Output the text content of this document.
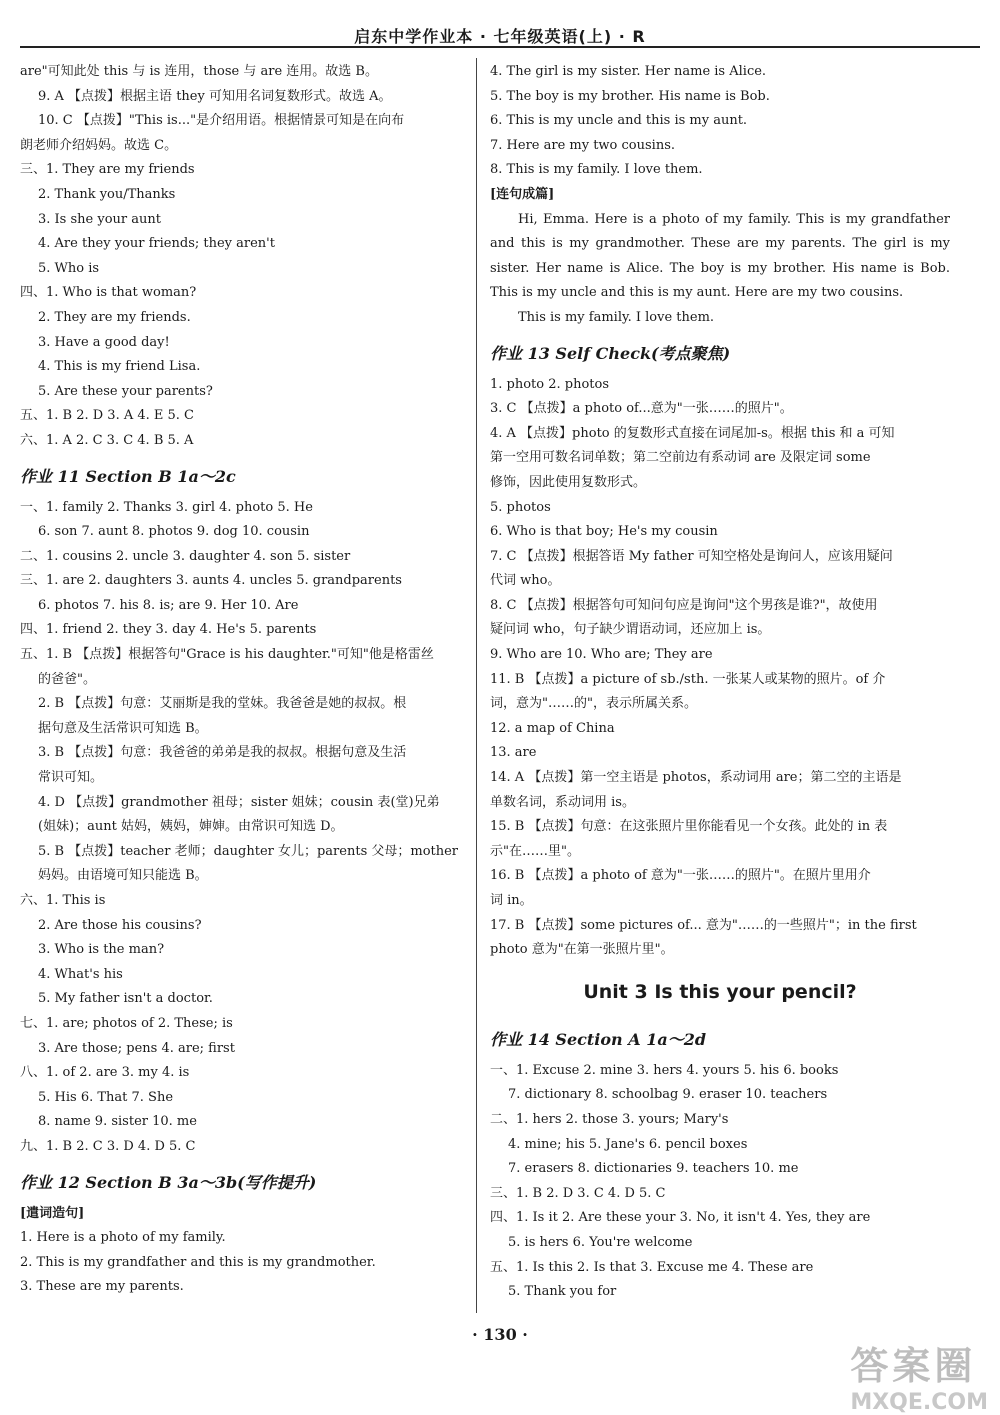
启东中学作业本 · 七年级英语(上) · R
are"可知此处 this 与 is 连用，those 与 are 连用。故选 B。
9. A 【点拨】根据主语 they 可知用名词复数形式。故选 A。
10. C 【点拨】"This is..."是介绍用语。根据情景可知是在向布
朗老师介绍妈妈。故选 C。
三、1. They are my friends
2. Thank you/Thanks
3. Is she your aunt
4. Are they your friends; they aren't
5. Who is
四、1. Who is that woman?
2. They are my friends.
3. Have a good day!
4. This is my friend Lisa.
5. Are these your parents?
五、1. B 2. D 3. A 4. E 5. C
六、1. A 2. C 3. C 4. B 5. A
作业 11 Section B 1a～2c
一、1. family 2. Thanks 3. girl 4. photo 5. He
6. son 7. aunt 8. photos 9. dog 10. cousin
二、1. cousins 2. uncle 3. daughter 4. son 5. sister
三、1. are 2. daughters 3. aunts 4. uncles 5. grandparents
6. photos 7. his 8. is; are 9. Her 10. Are
四、1. friend 2. they 3. day 4. He's 5. parents
五、1. B 【点拨】根据答句"Grace is his daughter."可知"他是格雷丝
的爸爸"。
2. B 【点拨】句意：艾丽斯是我的堂妹。我爸爸是她的叔叔。根
据句意及生活常识可知选 B。
3. B 【点拨】句意：我爸爸的弟弟是我的叔叔。根据句意及生活
常识可知。
4. D 【点拨】grandmother 祖母；sister 姐妹；cousin 表(堂)兄弟
(姐妹)；aunt 姑妈，姨妈，婶婶。由常识可知选 D。
5. B 【点拨】teacher 老师；daughter 女儿；parents 父母；mother
妈妈。由语境可知只能选 B。
六、1. This is
2. Are those his cousins?
3. Who is the man?
4. What's his
5. My father isn't a doctor.
七、1. are; photos of 2. These; is
3. Are those; pens 4. are; first
八、1. of 2. are 3. my 4. is
5. His 6. That 7. She
8. name 9. sister 10. me
九、1. B 2. C 3. D 4. D 5. C
作业 12 Section B 3a～3b(写作提升)
[遣词造句]
1. Here is a photo of my family.
2. This is my grandfather and this is my grandmother.
3. These are my parents.
4. The girl is my sister. Her name is Alice.
5. The boy is my brother. His name is Bob.
6. This is my uncle and this is my aunt.
7. Here are my two cousins.
8. This is my family. I love them.
[连句成篇]
Hi, Emma. Here is a photo of my family. This is my grandfather and this is my grandmother. These are my parents. The girl is my sister. Her name is Alice. The boy is my brother. His name is Bob. This is my uncle and this is my aunt. Here are my two cousins.
This is my family. I love them.
作业 13 Self Check(考点聚焦)
1. photo 2. photos
3. C 【点拨】a photo of...意为"一张……的照片"。
4. A 【点拨】photo 的复数形式直接在词尾加-s。根据 this 和 a 可知
第一空用可数名词单数；第二空前边有系动词 are 及限定词 some
修饰，因此使用复数形式。
5. photos
6. Who is that boy; He's my cousin
7. C 【点拨】根据答语 My father 可知空格处是询问人，应该用疑问
代词 who。
8. C 【点拨】根据答句可知问句应是询问"这个男孩是谁?"，故使用
疑问词 who，句子缺少谓语动词，还应加上 is。
9. Who are 10. Who are; They are
11. B 【点拨】a picture of sb./sth. 一张某人或某物的照片。of 介
词，意为"……的"，表示所属关系。
12. a map of China
13. are
14. A 【点拨】第一空主语是 photos，系动词用 are；第二空的主语是
单数名词，系动词用 is。
15. B 【点拨】句意：在这张照片里你能看见一个女孩。此处的 in 表
示"在……里"。
16. B 【点拨】a photo of 意为"一张……的照片"。在照片里用介
词 in。
17. B 【点拨】some pictures of... 意为"……的一些照片"；in the first
photo 意为"在第一张照片里"。
Unit 3 Is this your pencil?
作业 14 Section A 1a～2d
一、1. Excuse 2. mine 3. hers 4. yours 5. his 6. books
7. dictionary 8. schoolbag 9. eraser 10. teachers
二、1. hers 2. those 3. yours; Mary's
4. mine; his 5. Jane's 6. pencil boxes
7. erasers 8. dictionaries 9. teachers 10. me
三、1. B 2. D 3. C 4. D 5. C
四、1. Is it 2. Are these your 3. No, it isn't 4. Yes, they are
5. is hers 6. You're welcome
五、1. Is this 2. Is that 3. Excuse me 4. These are
5. Thank you for
· 130 ·
答案圈
MXQE.COM
